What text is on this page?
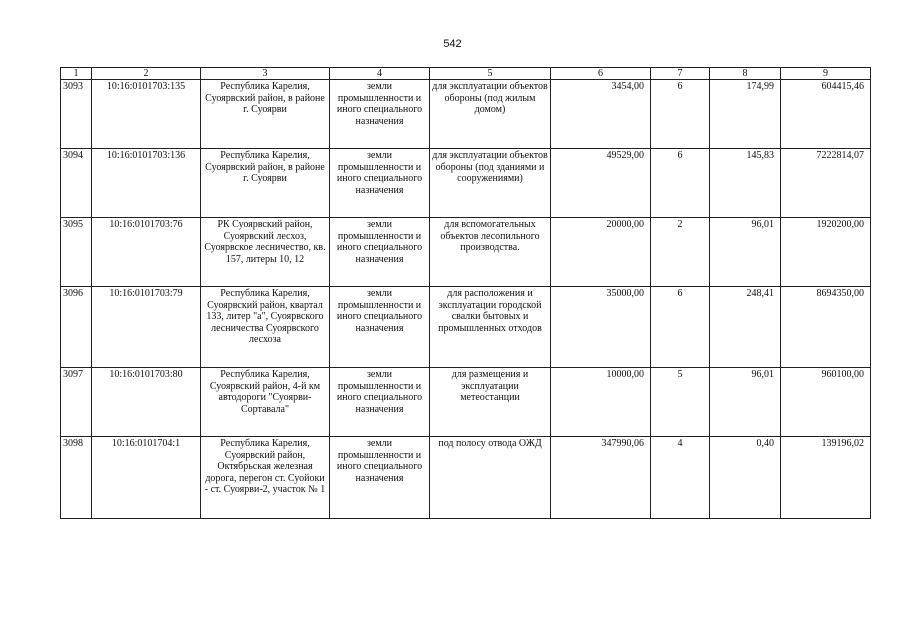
542
1	2	3	4	5	6	7	8	9
3093	10:16:0101703:135	Республика Карелия, Суоярвский район, в районе г. Суоярви	земли промышленности и иного специального назначения	для эксплуатации объектов обороны (под жилым домом)	3454,00	6	174,99	604415,46
3094	10:16:0101703:136	Республика Карелия, Суоярвский район, в районе г. Суоярви	земли промышленности и иного специального назначения	для эксплуатации объектов обороны (под зданиями и сооружениями)	49529,00	6	145,83	7222814,07
3095	10:16:0101703:76	РК Суоярвский район, Суоярвский лесхоз, Суоярвское лесничество, кв. 157, литеры 10, 12	земли промышленности и иного специального назначения	для вспомогательных объектов лесопильного производства.	20000,00	2	96,01	1920200,00
3096	10:16:0101703:79	Республика Карелия, Суоярвский район, квартал 133, литер "а", Суоярвского лесничества Суоярвского лесхоза	земли промышленности и иного специального назначения	для расположения и эксплуатации городской свалки бытовых и промышленных отходов	35000,00	6	248,41	8694350,00
3097	10:16:0101703:80	Республика Карелия, Суоярвский район, 4-й км автодороги "Суоярви-Сортавала"	земли промышленности и иного специального назначения	для размещения и эксплуатации метеостанции	10000,00	5	96,01	960100,00
3098	10:16:0101704:1	Республика Карелия, Суоярвский район, Октябрьская железная дорога, перегон ст. Суойоки - ст. Суоярви-2, участок № 1	земли промышленности и иного специального назначения	под полосу отвода ОЖД	347990,06	4	0,40	139196,02
